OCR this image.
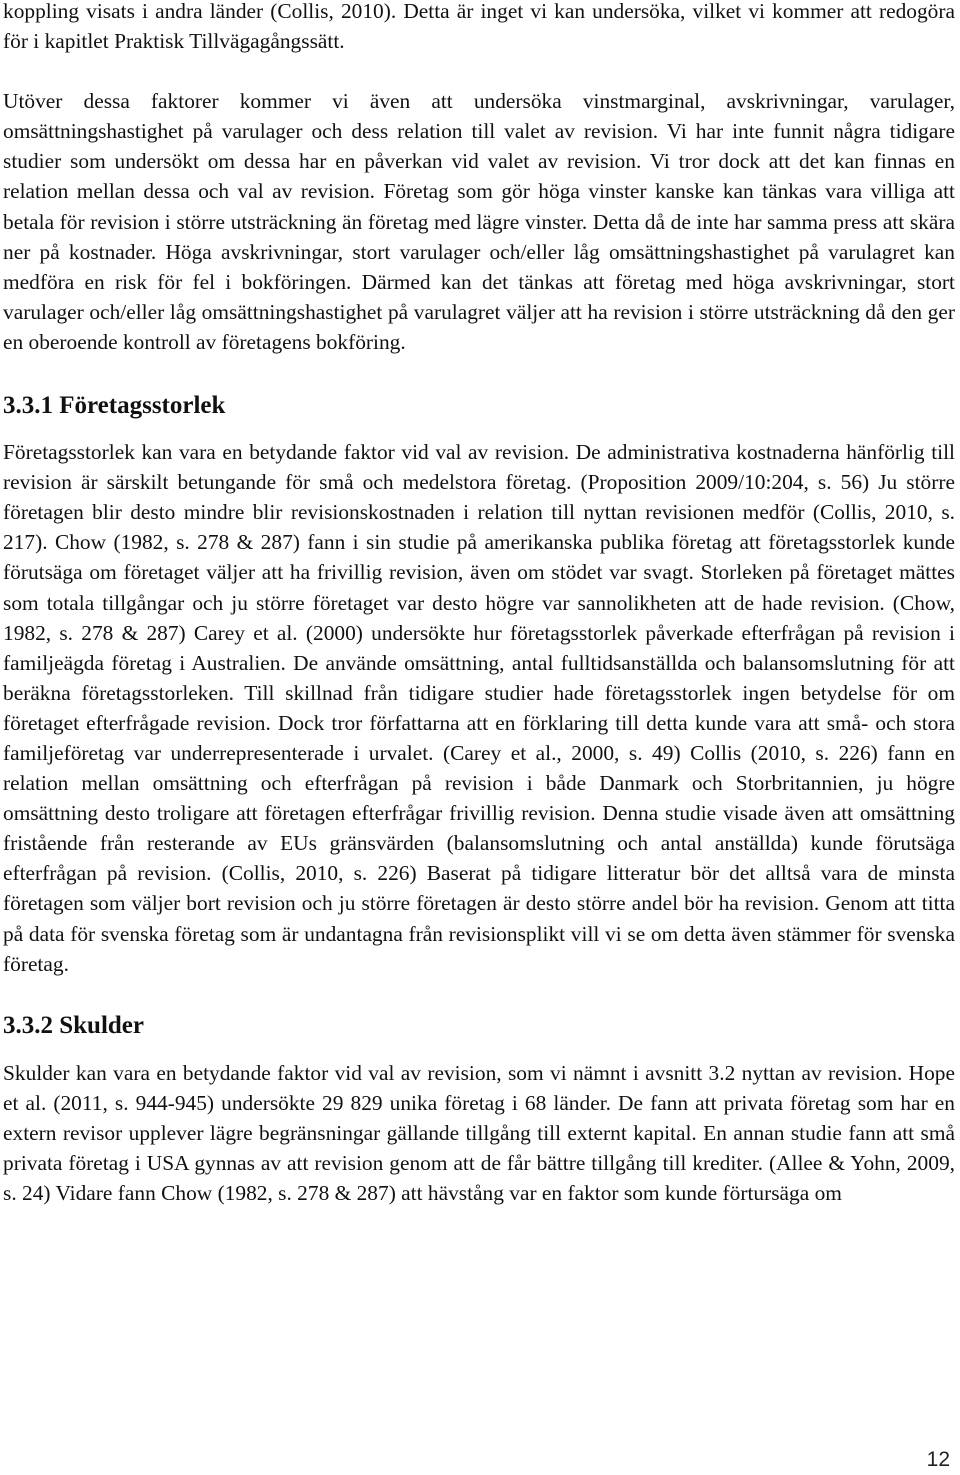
koppling visats i andra länder (Collis, 2010). Detta är inget vi kan undersöka, vilket vi kommer att redogöra för i kapitlet Praktisk Tillvägagångssätt.

Utöver dessa faktorer kommer vi även att undersöka vinstmarginal, avskrivningar, varulager, omsättningshastighet på varulager och dess relation till valet av revision. Vi har inte funnit några tidigare studier som undersökt om dessa har en påverkan vid valet av revision. Vi tror dock att det kan finnas en relation mellan dessa och val av revision. Företag som gör höga vinster kanske kan tänkas vara villiga att betala för revision i större utsträckning än företag med lägre vinster. Detta då de inte har samma press att skära ner på kostnader. Höga avskrivningar, stort varulager och/eller låg omsättningshastighet på varulagret kan medföra en risk för fel i bokföringen. Därmed kan det tänkas att företag med höga avskrivningar, stort varulager och/eller låg omsättningshastighet på varulagret väljer att ha revision i större utsträckning då den ger en oberoende kontroll av företagens bokföring.

3.3.1 Företagsstorlek

Företagsstorlek kan vara en betydande faktor vid val av revision. De administrativa kostnaderna hänförlig till revision är särskilt betungande för små och medelstora företag. (Proposition 2009/10:204, s. 56) Ju större företagen blir desto mindre blir revisionskostnaden i relation till nyttan revisionen medför (Collis, 2010, s. 217). Chow (1982, s. 278 & 287) fann i sin studie på amerikanska publika företag att företagsstorlek kunde förutsäga om företaget väljer att ha frivillig revision, även om stödet var svagt. Storleken på företaget mättes som totala tillgångar och ju större företaget var desto högre var sannolikheten att de hade revision. (Chow, 1982, s. 278 & 287) Carey et al. (2000) undersökte hur företagsstorlek påverkade efterfrågan på revision i familjeägda företag i Australien. De använde omsättning, antal fulltidsanställda och balansomslutning för att beräkna företagsstorleken. Till skillnad från tidigare studier hade företagsstorlek ingen betydelse för om företaget efterfrågade revision. Dock tror författarna att en förklaring till detta kunde vara att små- och stora familjeföretag var underrepresenterade i urvalet. (Carey et al., 2000, s. 49) Collis (2010, s. 226) fann en relation mellan omsättning och efterfrågan på revision i både Danmark och Storbritannien, ju högre omsättning desto troligare att företagen efterfrågar frivillig revision. Denna studie visade även att omsättning fristående från resterande av EUs gränsvärden (balansomslutning och antal anställda) kunde förutsäga efterfrågan på revision. (Collis, 2010, s. 226) Baserat på tidigare litteratur bör det alltså vara de minsta företagen som väljer bort revision och ju större företagen är desto större andel bör ha revision. Genom att titta på data för svenska företag som är undantagna från revisionsplikt vill vi se om detta även stämmer för svenska företag.

3.3.2 Skulder

Skulder kan vara en betydande faktor vid val av revision, som vi nämnt i avsnitt 3.2 nyttan av revision. Hope et al. (2011, s. 944-945) undersökte 29 829 unika företag i 68 länder. De fann att privata företag som har en extern revisor upplever lägre begränsningar gällande tillgång till externt kapital. En annan studie fann att små privata företag i USA gynnas av att revision genom att de får bättre tillgång till krediter. (Allee & Yohn, 2009, s. 24) Vidare fann Chow (1982, s. 278 & 287) att hävstång var en faktor som kunde förtursäga om

12
